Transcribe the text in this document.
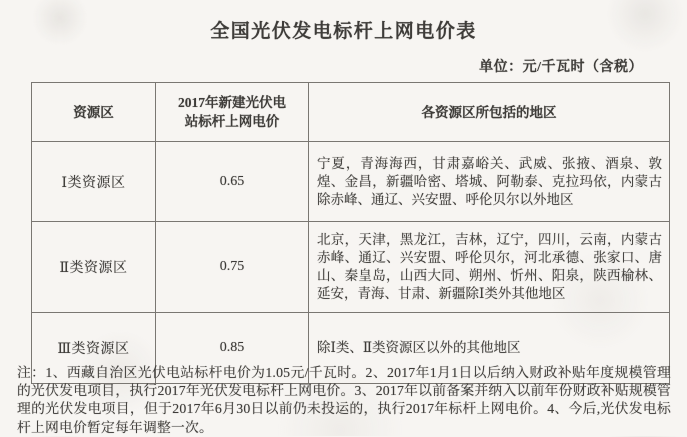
全国光伏发电标杆上网电价表
单位：元/千瓦时（含税）
资源区	2017年新建光伏电站标杆上网电价	各资源区所包括的地区
Ⅰ类资源区	0.65	宁夏，青海海西，甘肃嘉峪关、武威、张掖、酒泉、敦煌、金昌，新疆哈密、塔城、阿勒泰、克拉玛依，内蒙古除赤峰、通辽、兴安盟、呼伦贝尔以外地区
Ⅱ类资源区	0.75	北京，天津，黑龙江，吉林，辽宁，四川，云南，内蒙古赤峰、通辽、兴安盟、呼伦贝尔，河北承德、张家口、唐山、秦皇岛，山西大同、朔州、忻州、阳泉，陕西榆林、延安，青海、甘肃、新疆除Ⅰ类外其他地区
Ⅲ类资源区	0.85	除Ⅰ类、Ⅱ类资源区以外的其他地区
注：1、西藏自治区光伏电站标杆电价为1.05元/千瓦时。2、2017年1月1日以后纳入财政补贴年度规模管理的光伏发电项目，执行2017年光伏发电标杆上网电价。3、2017年以前备案并纳入以前年份财政补贴规模管理的光伏发电项目，但于2017年6月30日以前仍未投运的，执行2017年标杆上网电价。4、今后,光伏发电标杆上网电价暂定每年调整一次。
